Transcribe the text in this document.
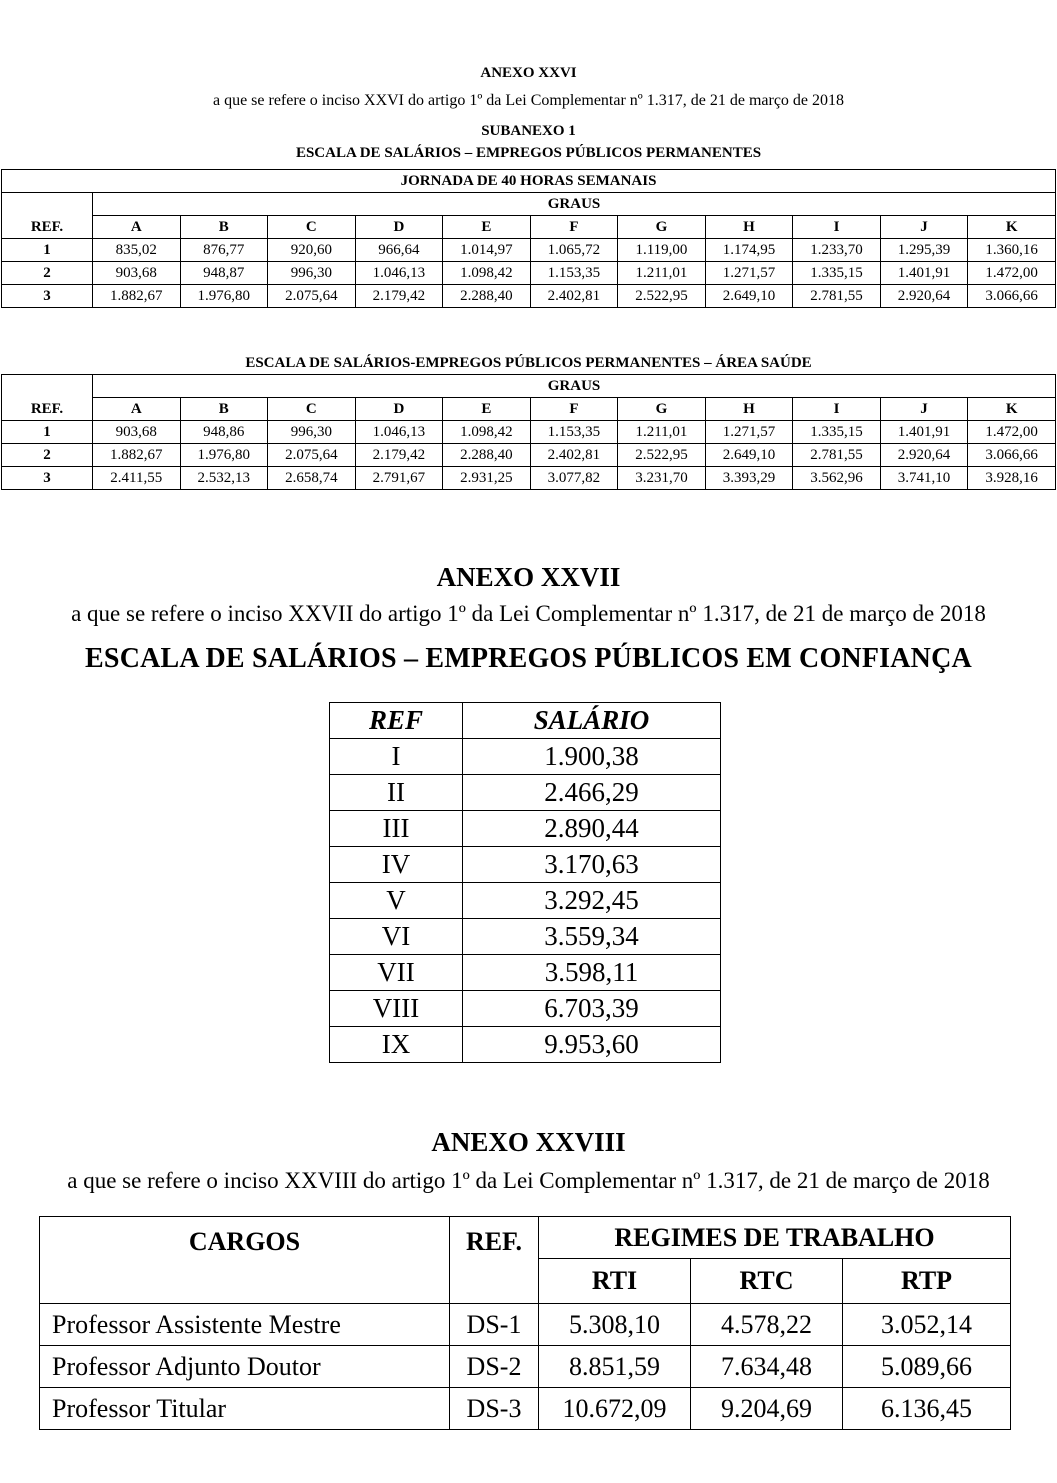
ANEXO XXVI
a que se refere o inciso XXVI do artigo 1º da Lei Complementar nº 1.317, de 21 de março de 2018
SUBANEXO 1
ESCALA DE SALÁRIOS – EMPREGOS PÚBLICOS PERMANENTES
JORNADA DE 40 HORAS SEMANAIS											
REF.	GRAUS										
	A	B	C	D	E	F	G	H	I	J	K
1	835,02	876,77	920,60	966,64	1.014,97	1.065,72	1.119,00	1.174,95	1.233,70	1.295,39	1.360,16
2	903,68	948,87	996,30	1.046,13	1.098,42	1.153,35	1.211,01	1.271,57	1.335,15	1.401,91	1.472,00
3	1.882,67	1.976,80	2.075,64	2.179,42	2.288,40	2.402,81	2.522,95	2.649,10	2.781,55	2.920,64	3.066,66
ESCALA DE SALÁRIOS-EMPREGOS PÚBLICOS PERMANENTES – ÁREA SAÚDE
REF.	GRAUS										
	A	B	C	D	E	F	G	H	I	J	K
1	903,68	948,86	996,30	1.046,13	1.098,42	1.153,35	1.211,01	1.271,57	1.335,15	1.401,91	1.472,00
2	1.882,67	1.976,80	2.075,64	2.179,42	2.288,40	2.402,81	2.522,95	2.649,10	2.781,55	2.920,64	3.066,66
3	2.411,55	2.532,13	2.658,74	2.791,67	2.931,25	3.077,82	3.231,70	3.393,29	3.562,96	3.741,10	3.928,16
ANEXO XXVII
a que se refere o inciso XXVII do artigo 1º da Lei Complementar nº 1.317, de 21 de março de 2018
ESCALA DE SALÁRIOS – EMPREGOS PÚBLICOS EM CONFIANÇA
REF	SALÁRIO
I	1.900,38
II	2.466,29
III	2.890,44
IV	3.170,63
V	3.292,45
VI	3.559,34
VII	3.598,11
VIII	6.703,39
IX	9.953,60
ANEXO XXVIII
a que se refere o inciso XXVIII do artigo 1º da Lei Complementar nº 1.317, de 21 de março de 2018
CARGOS	REF.	REGIMES DE TRABALHO		
		RTI	RTC	RTP
Professor Assistente Mestre	DS-1	5.308,10	4.578,22	3.052,14
Professor Adjunto Doutor	DS-2	8.851,59	7.634,48	5.089,66
Professor Titular	DS-3	10.672,09	9.204,69	6.136,45
